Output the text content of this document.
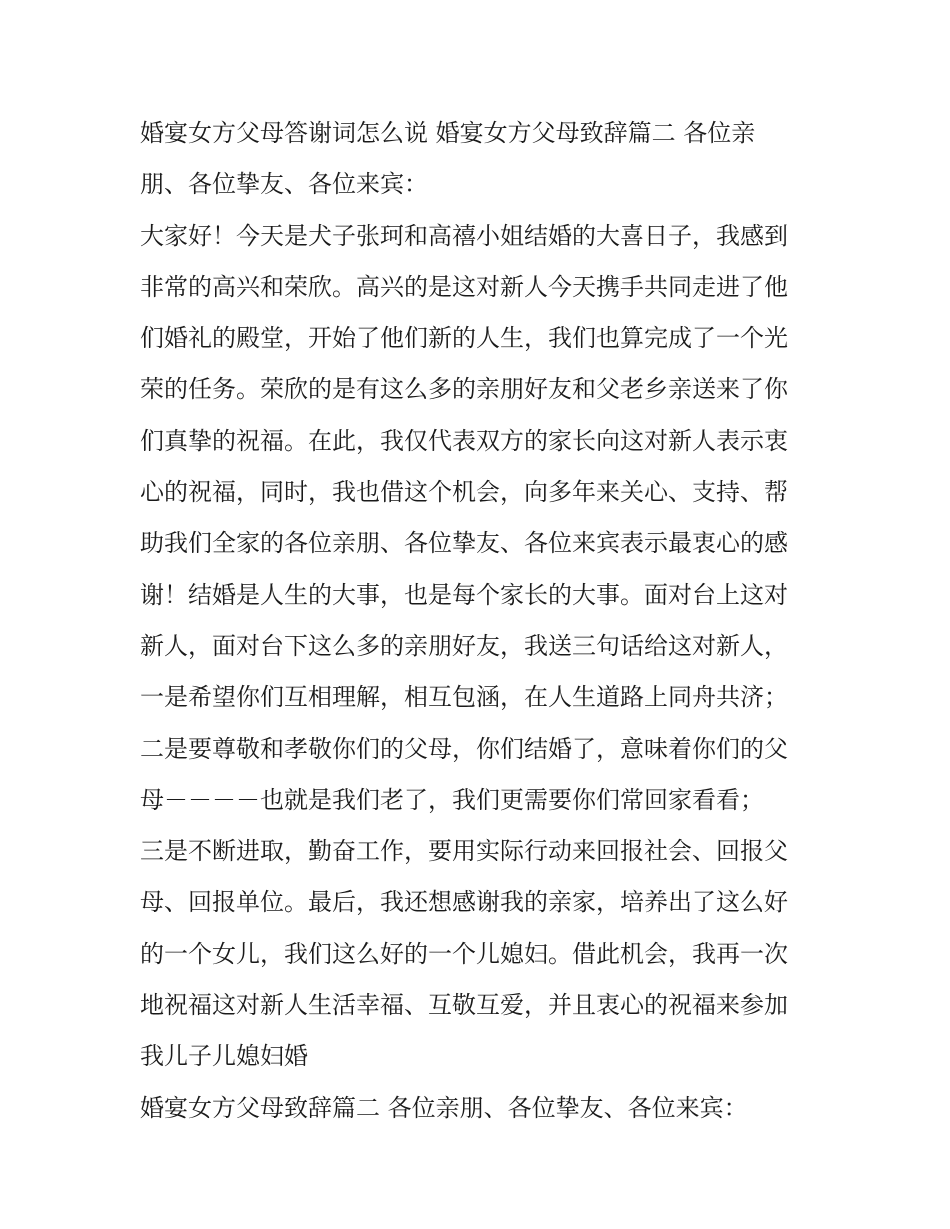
婚宴女方父母答谢词怎么说 婚宴女方父母致辞篇二 各位亲
朋、各位挚友、各位来宾：
大家好！今天是犬子张珂和高禧小姐结婚的大喜日子，我感到
非常的高兴和荣欣。高兴的是这对新人今天携手共同走进了他
们婚礼的殿堂，开始了他们新的人生，我们也算完成了一个光
荣的任务。荣欣的是有这么多的亲朋好友和父老乡亲送来了你
们真挚的祝福。在此，我仅代表双方的家长向这对新人表示衷
心的祝福，同时，我也借这个机会，向多年来关心、支持、帮
助我们全家的各位亲朋、各位挚友、各位来宾表示最衷心的感
谢！结婚是人生的大事，也是每个家长的大事。面对台上这对
新人，面对台下这么多的亲朋好友，我送三句话给这对新人，
一是希望你们互相理解，相互包涵，在人生道路上同舟共济；
二是要尊敬和孝敬你们的父母，你们结婚了，意味着你们的父
母－－－－也就是我们老了，我们更需要你们常回家看看；
三是不断进取，勤奋工作，要用实际行动来回报社会、回报父
母、回报单位。最后，我还想感谢我的亲家，培养出了这么好
的一个女儿，我们这么好的一个儿媳妇。借此机会，我再一次
地祝福这对新人生活幸福、互敬互爱，并且衷心的祝福来参加
我儿子儿媳妇婚
婚宴女方父母致辞篇二 各位亲朋、各位挚友、各位来宾：
